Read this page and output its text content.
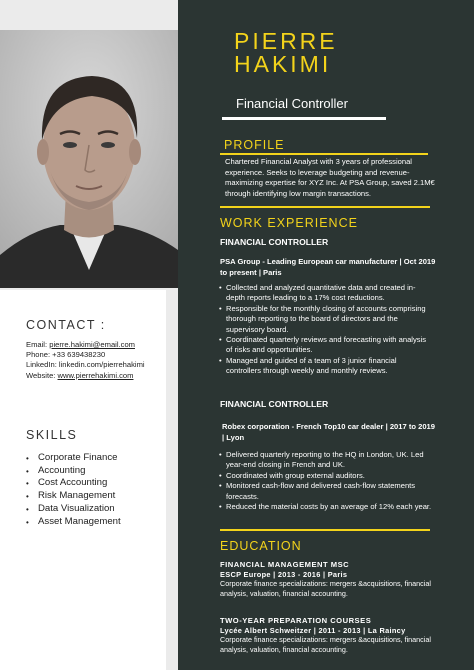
CONTACT :
Email: pierre.hakimi@email.com
Phone: +33 639438230
LinkedIn: linkedin.com/pierrehakimi
Website: www.pierrehakimi.com
SKILLS
• Corporate Finance
• Accounting
• Cost Accounting
• Risk Management
• Data Visualization
• Asset Management
PIERRE
HAKIMI
Financial Controller
PROFILE
Chartered Financial Analyst with 3 years of professional experience. Seeks to leverage budgeting and revenue-maximizing expertise for XYZ Inc. At PSA Group, saved 2.1M€ through identifying low margin transactions.
WORK EXPERIENCE
FINANCIAL CONTROLLER
PSA Group - Leading European car manufacturer | Oct 2019
to present | Paris
• Collected and analyzed quantitative data and created in- depth reports leading to a 17% cost reductions.
• Responsible for the monthly closing of accounts comprising thorough reporting to the board of directors and the supervisory board.
• Coordinated quarterly reviews and forecasting with analysis of risks and opportunities.
• Managed and guided of a team of 3 junior financial controllers through weekly and monthly reviews.
FINANCIAL CONTROLLER
Robex corporation - French Top10 car dealer | 2017 to 2019
| Lyon
• Delivered quarterly reporting to the HQ in London, UK. Led year-end closing in French and UK.
• Coordinated with group external auditors.
• Monitored cash-flow and delivered cash-flow statements forecasts.
• Reduced the material costs by an average of 12% each year.
EDUCATION
FINANCIAL MANAGEMENT MSC
ESCP Europe | 2013 - 2016 | Paris
Corporate finance specializations: mergers &acquisitions, financial
analysis, valuation, financial accounting.
TWO-YEAR PREPARATION COURSES
Lycée Albert Schweitzer | 2011 - 2013 | La Raincy
Corporate finance specializations: mergers &acquisitions, financial
analysis, valuation, financial accounting.
